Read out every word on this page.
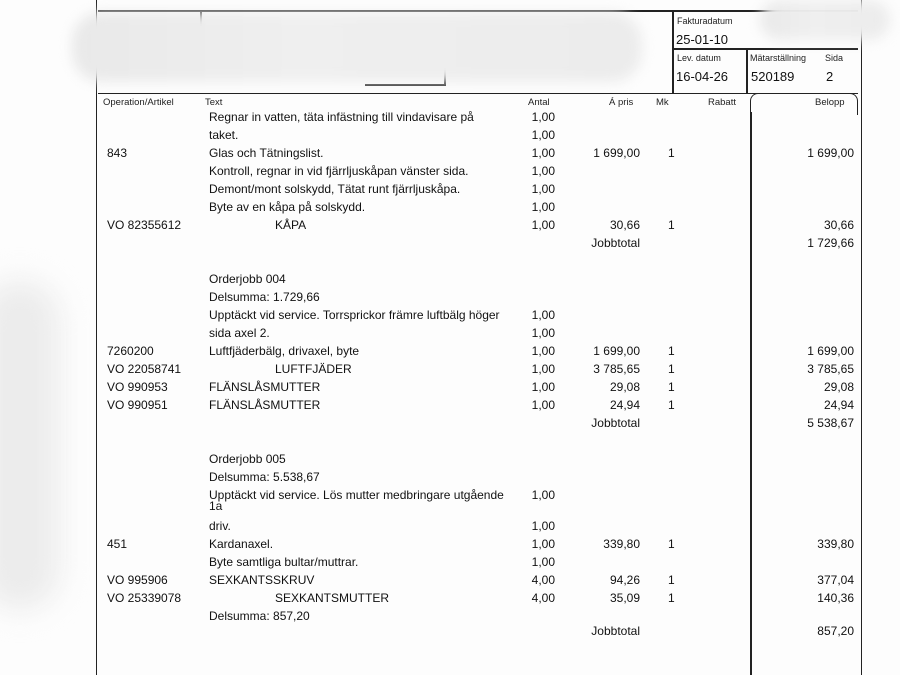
Fakturadatum
25-01-10
Lev. datum
16-04-26
Mätarställning
520189
Sida
2
Operation/Artikel	Text	Antal	Á pris Mk	Rabatt	Belopp
Regnar in vatten, täta infästning till vindavisare på	1,00
taket.	1,00
843	Glas och Tätningslist.	1,00	1 699,00 1	1 699,00
Kontroll, regnar in vid fjärrljuskåpan vänster sida.	1,00
Demont/mont solskydd, Tätat runt fjärrljuskåpa.	1,00
Byte av en kåpa på solskydd.	1,00
VO 82355612	KÅPA	1,00	30,66 1	30,66
Jobbtotal	1 729,66
Orderjobb 004
Delsumma: 1.729,66
Upptäckt vid service. Torrsprickor främre luftbälg höger	1,00
sida axel 2.	1,00
7260200	Luftfjäderbälg, drivaxel, byte	1,00	1 699,00 1	1 699,00
VO 22058741	LUFTFJÄDER	1,00	3 785,65 1	3 785,65
VO 990953	FLÄNSLÅSMUTTER	1,00	29,08 1	29,08
VO 990951	FLÄNSLÅSMUTTER	1,00	24,94 1	24,94
Jobbtotal	5 538,67
Orderjobb 005
Delsumma: 5.538,67
Upptäckt vid service. Lös mutter medbringare utgående 1,00
1a
driv.	1,00
451	Kardanaxel.	1,00	339,80 1	339,80
Byte samtliga bultar/muttrar.	1,00
VO 995906	SEXKANTSSKRUV	4,00	94,26 1	377,04
VO 25339078	SEXKANTSMUTTER	4,00	35,09 1	140,36
Delsumma: 857,20
Jobbtotal	857,20
